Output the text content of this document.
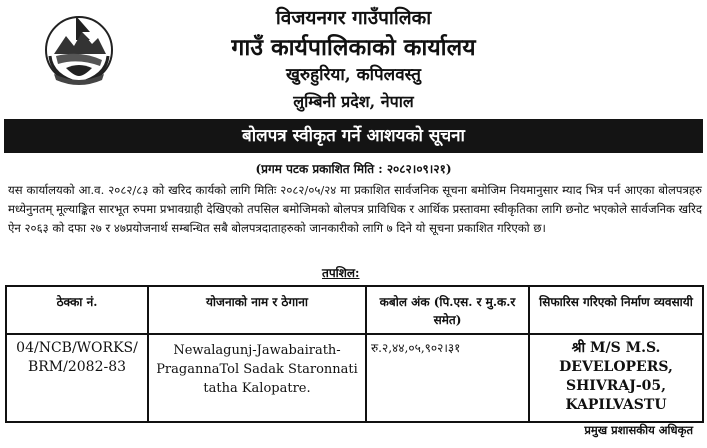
विजयनगर गाउँपालिका
गाउँ कार्यपालिकाको कार्यालय
खुरुहुरिया, कपिलवस्तु
लुम्बिनी प्रदेश, नेपाल
बोलपत्र स्वीकृत गर्ने आशयको सूचना
(प्रगम पटक प्रकाशित मिति : २०८२।०९।२१)

यस कार्यालयको आ.व. २०८२/८३ को खरिद कार्यको लागि मितिः २०८२/०५/२४ मा प्रकाशित सार्वजनिक सूचना बमोजिम नियमानुसार म्याद भित्र पर्न आएका बोलपत्रहरु मध्येनुनतम् मूल्याङ्कित सारभूत रुपमा प्रभावग्राही देखिएको तपसिल बमोजिमको बोलपत्र प्राविधिक र आर्थिक प्रस्तावमा स्वीकृतिका लागि छनोट भएकोले सार्वजनिक खरिद ऐन २०६३ को दफा २७ र ४७प्रयोजनार्थ सम्बन्धित सबै बोलपत्रदाताहरुको जानकारीको लागि ७ दिने यो सूचना प्रकाशित गरिएको छ।

तपशिल:
ठेक्का नं.	योजनाको नाम र ठेगाना	कबोल अंक (पि.एस. र मु.क.र समेत)	सिफारिस गरिएको निर्माण व्यवसायी
04/NCB/WORKS/ BRM/2082-83	Newalagunj-Jawabairath-PragannaTol Sadak Staronnati tatha Kalopatre.	रु.२,४४,०५,९०२।३१	श्री M/S M.S. DEVELOPERS, SHIVRAJ-05, KAPILVASTU
प्रमुख प्रशासकीय अधिकृत
